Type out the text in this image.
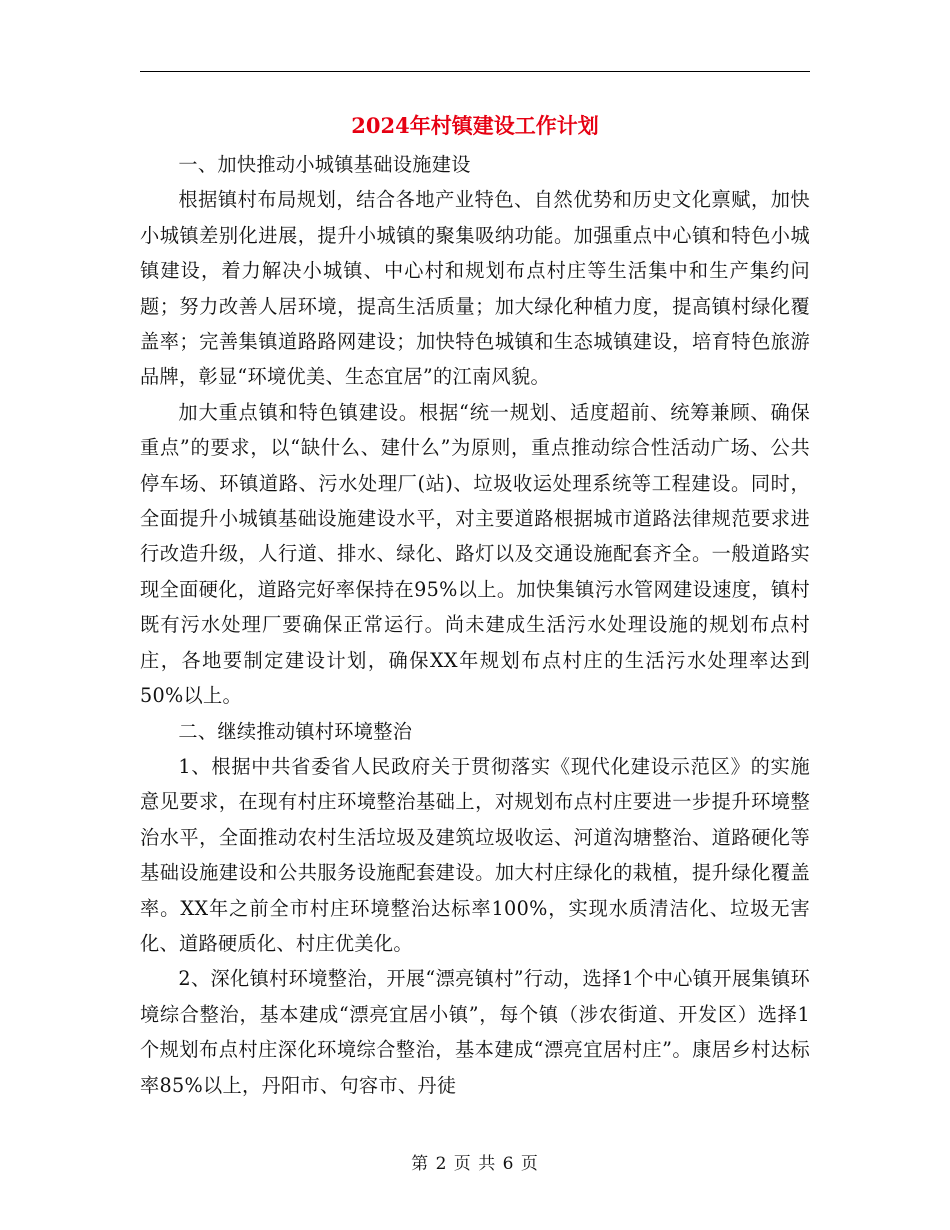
2024年村镇建设工作计划

一、加快推动小城镇基础设施建设

根据镇村布局规划，结合各地产业特色、自然优势和历史文化禀赋，加快小城镇差别化进展，提升小城镇的聚集吸纳功能。加强重点中心镇和特色小城镇建设，着力解决小城镇、中心村和规划布点村庄等生活集中和生产集约问题；努力改善人居环境，提高生活质量；加大绿化种植力度，提高镇村绿化覆盖率；完善集镇道路路网建设；加快特色城镇和生态城镇建设，培育特色旅游品牌，彰显“环境优美、生态宜居”的江南风貌。

加大重点镇和特色镇建设。根据“统一规划、适度超前、统筹兼顾、确保重点”的要求，以“缺什么、建什么”为原则，重点推动综合性活动广场、公共停车场、环镇道路、污水处理厂(站)、垃圾收运处理系统等工程建设。同时，全面提升小城镇基础设施建设水平，对主要道路根据城市道路法律规范要求进行改造升级，人行道、排水、绿化、路灯以及交通设施配套齐全。一般道路实现全面硬化，道路完好率保持在95%以上。加快集镇污水管网建设速度，镇村既有污水处理厂要确保正常运行。尚未建成生活污水处理设施的规划布点村庄，各地要制定建设计划，确保XX年规划布点村庄的生活污水处理率达到50%以上。

二、继续推动镇村环境整治

1、根据中共省委省人民政府关于贯彻落实《现代化建设示范区》的实施意见要求，在现有村庄环境整治基础上，对规划布点村庄要进一步提升环境整治水平，全面推动农村生活垃圾及建筑垃圾收运、河道沟塘整治、道路硬化等基础设施建设和公共服务设施配套建设。加大村庄绿化的栽植，提升绿化覆盖率。XX年之前全市村庄环境整治达标率100%，实现水质清洁化、垃圾无害化、道路硬质化、村庄优美化。

2、深化镇村环境整治，开展“漂亮镇村”行动，选择1个中心镇开展集镇环境综合整治，基本建成“漂亮宜居小镇”，每个镇（涉农街道、开发区）选择1个规划布点村庄深化环境综合整治，基本建成“漂亮宜居村庄”。康居乡村达标率85%以上，丹阳市、句容市、丹徒

第 2 页 共 6 页
